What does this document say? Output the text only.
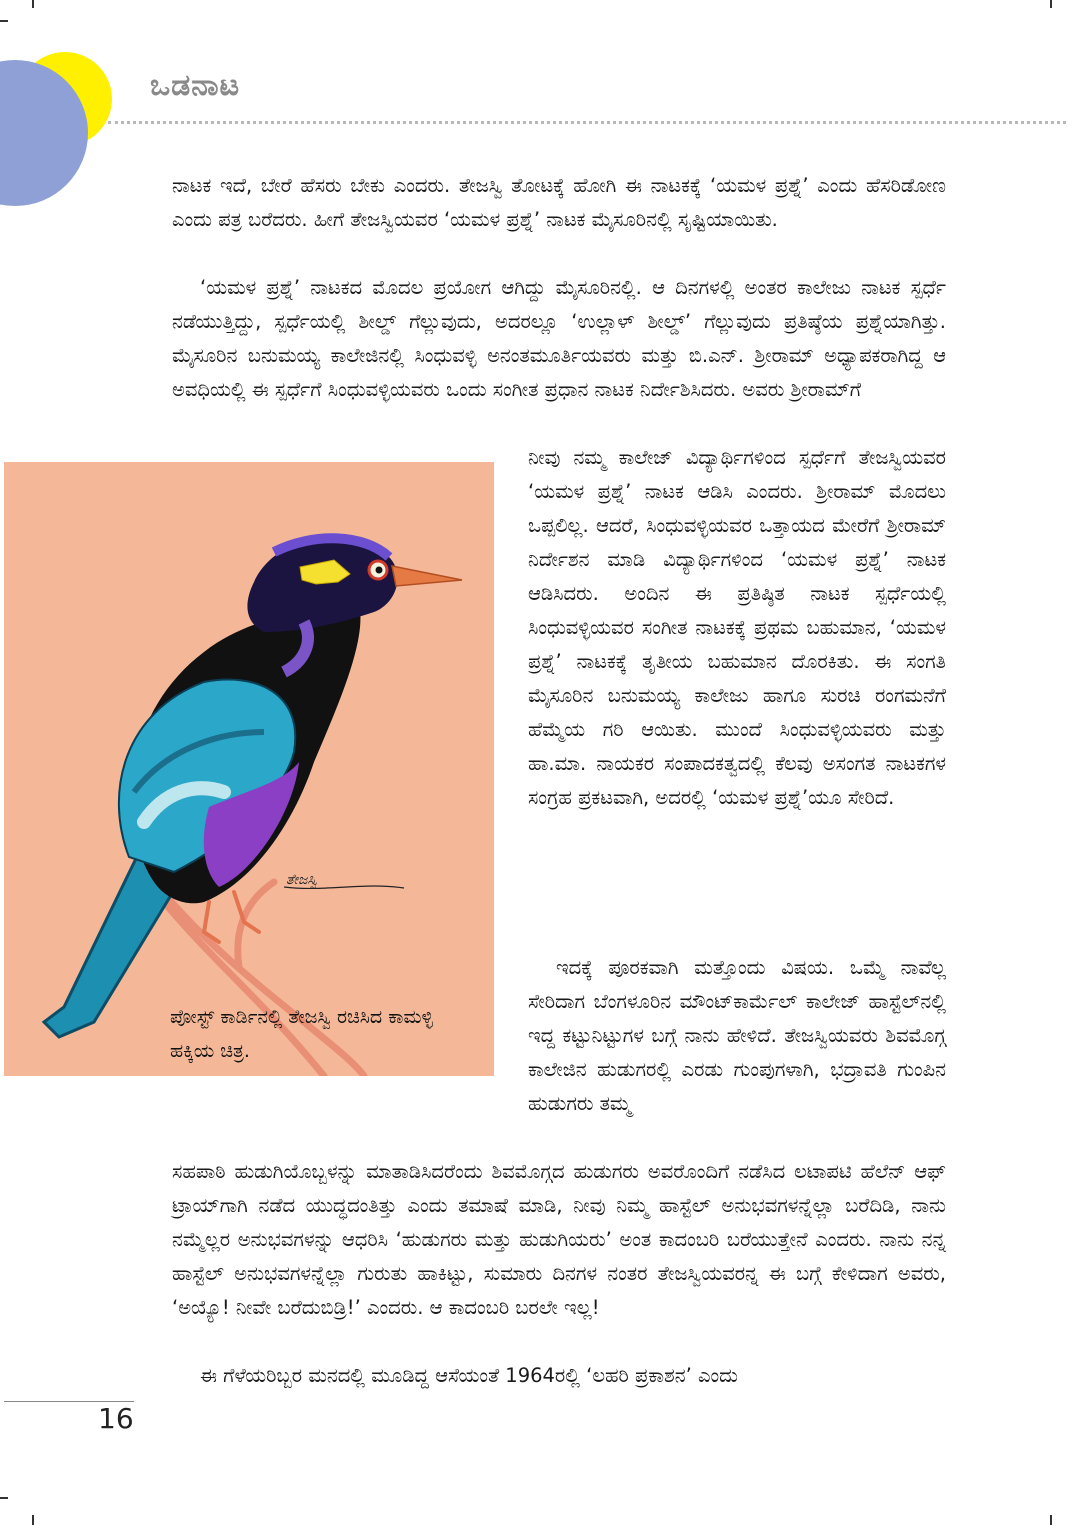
ಒಡನಾಟ

ನಾಟಕ ಇದೆ, ಬೇರೆ ಹೆಸರು ಬೇಕು ಎಂದರು. ತೇಜಸ್ವಿ ತೋಟಕ್ಕೆ ಹೋಗಿ ಈ ನಾಟಕಕ್ಕೆ ‘ಯಮಳ ಪ್ರಶ್ನೆ’ ಎಂದು ಹೆಸರಿಡೋಣ ಎಂದು ಪತ್ರ ಬರೆದರು. ಹೀಗೆ ತೇಜಸ್ವಿಯವರ ‘ಯಮಳ ಪ್ರಶ್ನೆ’ ನಾಟಕ ಮೈಸೂರಿನಲ್ಲಿ ಸೃಷ್ಟಿಯಾಯಿತು.

‘ಯಮಳ ಪ್ರಶ್ನೆ’ ನಾಟಕದ ಮೊದಲ ಪ್ರಯೋಗ ಆಗಿದ್ದು ಮೈಸೂರಿನಲ್ಲಿ. ಆ ದಿನಗಳಲ್ಲಿ ಅಂತರ ಕಾಲೇಜು ನಾಟಕ ಸ್ಪರ್ಧೆ ನಡೆಯುತ್ತಿದ್ದು, ಸ್ಪರ್ಧೆಯಲ್ಲಿ ಶೀಲ್ಡ್ ಗೆಲ್ಲುವುದು, ಅದರಲ್ಲೂ ‘ಉಲ್ಲಾಳ್ ಶೀಲ್ಡ್’ ಗೆಲ್ಲುವುದು ಪ್ರತಿಷ್ಠೆಯ ಪ್ರಶ್ನೆಯಾಗಿತ್ತು. ಮೈಸೂರಿನ ಬನುಮಯ್ಯ ಕಾಲೇಜಿನಲ್ಲಿ ಸಿಂಧುವಳ್ಳಿ ಅನಂತಮೂರ್ತಿಯವರು ಮತ್ತು ಬಿ.ಎನ್. ಶ್ರೀರಾಮ್ ಅಧ್ಯಾಪಕರಾಗಿದ್ದ ಆ ಅವಧಿಯಲ್ಲಿ ಈ ಸ್ಪರ್ಧೆಗೆ ಸಿಂಧುವಳ್ಳಿಯವರು ಒಂದು ಸಂಗೀತ ಪ್ರಧಾನ ನಾಟಕ ನಿರ್ದೇಶಿಸಿದರು. ಅವರು ಶ್ರೀರಾಮ್‌ಗೆ

ನೀವು ನಮ್ಮ ಕಾಲೇಜ್ ವಿದ್ಯಾರ್ಥಿಗಳಿಂದ ಸ್ಪರ್ಧೆಗೆ ತೇಜಸ್ವಿಯವರ ‘ಯಮಳ ಪ್ರಶ್ನೆ’ ನಾಟಕ ಆಡಿಸಿ ಎಂದರು. ಶ್ರೀರಾಮ್ ಮೊದಲು ಒಪ್ಪಲಿಲ್ಲ. ಆದರೆ, ಸಿಂಧುವಳ್ಳಿಯವರ ಒತ್ತಾಯದ ಮೇರೆಗೆ ಶ್ರೀರಾಮ್ ನಿರ್ದೇಶನ ಮಾಡಿ ವಿದ್ಯಾರ್ಥಿಗಳಿಂದ ‘ಯಮಳ ಪ್ರಶ್ನೆ’ ನಾಟಕ ಆಡಿಸಿದರು. ಅಂದಿನ ಈ ಪ್ರತಿಷ್ಠಿತ ನಾಟಕ ಸ್ಪರ್ಧೆಯಲ್ಲಿ ಸಿಂಧುವಳ್ಳಿಯವರ ಸಂಗೀತ ನಾಟಕಕ್ಕೆ ಪ್ರಥಮ ಬಹುಮಾನ, ‘ಯಮಳ ಪ್ರಶ್ನೆ’ ನಾಟಕಕ್ಕೆ ತೃತೀಯ ಬಹುಮಾನ ದೊರಕಿತು. ಈ ಸಂಗತಿ ಮೈಸೂರಿನ ಬನುಮಯ್ಯ ಕಾಲೇಜು ಹಾಗೂ ಸುರಚಿ ರಂಗಮನೆಗೆ ಹೆಮ್ಮೆಯ ಗರಿ ಆಯಿತು. ಮುಂದೆ ಸಿಂಧುವಳ್ಳಿಯವರು ಮತ್ತು ಹಾ.ಮಾ. ನಾಯಕರ ಸಂಪಾದಕತ್ವದಲ್ಲಿ ಕೆಲವು ಅಸಂಗತ ನಾಟಕಗಳ ಸಂಗ್ರಹ ಪ್ರಕಟವಾಗಿ, ಅದರಲ್ಲಿ ‘ಯಮಳ ಪ್ರಶ್ನೆ’ಯೂ ಸೇರಿದೆ.

ಇದಕ್ಕೆ ಪೂರಕವಾಗಿ ಮತ್ತೊಂದು ವಿಷಯ. ಒಮ್ಮೆ ನಾವೆಲ್ಲ ಸೇರಿದಾಗ ಬೆಂಗಳೂರಿನ ಮೌಂಟ್‌ಕಾರ್ಮೆಲ್ ಕಾಲೇಜ್ ಹಾಸ್ಟೆಲ್‌ನಲ್ಲಿ ಇದ್ದ ಕಟ್ಟುನಿಟ್ಟುಗಳ ಬಗ್ಗೆ ನಾನು ಹೇಳಿದೆ. ತೇಜಸ್ವಿಯವರು ಶಿವಮೊಗ್ಗ ಕಾಲೇಜಿನ ಹುಡುಗರಲ್ಲಿ ಎರಡು ಗುಂಪುಗಳಾಗಿ, ಭದ್ರಾವತಿ ಗುಂಪಿನ ಹುಡುಗರು ತಮ್ಮ

ಸಹಪಾಠಿ ಹುಡುಗಿಯೊಬ್ಬಳನ್ನು ಮಾತಾಡಿಸಿದರೆಂದು ಶಿವಮೊಗ್ಗದ ಹುಡುಗರು ಅವರೊಂದಿಗೆ ನಡೆಸಿದ ಲಟಾಪಟಿ ಹೆಲೆನ್ ಆಫ್ ಟ್ರಾಯ್‌ಗಾಗಿ ನಡೆದ ಯುದ್ಧದಂತಿತ್ತು ಎಂದು ತಮಾಷೆ ಮಾಡಿ, ನೀವು ನಿಮ್ಮ ಹಾಸ್ಟೆಲ್ ಅನುಭವಗಳನ್ನೆಲ್ಲಾ ಬರೆದಿಡಿ, ನಾನು ನಮ್ಮೆಲ್ಲರ ಅನುಭವಗಳನ್ನು ಆಧರಿಸಿ ‘ಹುಡುಗರು ಮತ್ತು ಹುಡುಗಿಯರು’ ಅಂತ ಕಾದಂಬರಿ ಬರೆಯುತ್ತೇನೆ ಎಂದರು. ನಾನು ನನ್ನ ಹಾಸ್ಟೆಲ್ ಅನುಭವಗಳನ್ನೆಲ್ಲಾ ಗುರುತು ಹಾಕಿಟ್ಟು, ಸುಮಾರು ದಿನಗಳ ನಂತರ ತೇಜಸ್ವಿಯವರನ್ನ ಈ ಬಗ್ಗೆ ಕೇಳಿದಾಗ ಅವರು, ‘ಅಯ್ಯೊ! ನೀವೇ ಬರೆದುಬಿಡ್ರಿ!’ ಎಂದರು. ಆ ಕಾದಂಬರಿ ಬರಲೇ ಇಲ್ಲ!

ಈ ಗೆಳೆಯರಿಬ್ಬರ ಮನದಲ್ಲಿ ಮೂಡಿದ್ದ ಆಸೆಯಂತೆ 1964ರಲ್ಲಿ ‘ಲಹರಿ ಪ್ರಕಾಶನ’ ಎಂದು

ತೇಜಸ್ವಿ
ಪೋಸ್ಟ್ ಕಾರ್ಡಿನಲ್ಲಿ ತೇಜಸ್ವಿ ರಚಿಸಿದ ಕಾಮಳ್ಳಿ ಹಕ್ಕಿಯ ಚಿತ್ರ.
16
